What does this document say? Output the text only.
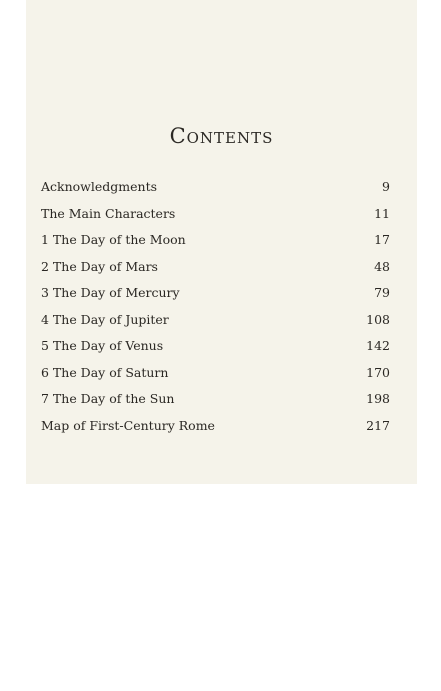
Contents
Acknowledgments	9
The Main Characters	11
1 The Day of the Moon	17
2 The Day of Mars	48
3 The Day of Mercury	79
4 The Day of Jupiter	108
5 The Day of Venus	142
6 The Day of Saturn	170
7 The Day of the Sun	198
Map of First-Century Rome	217
